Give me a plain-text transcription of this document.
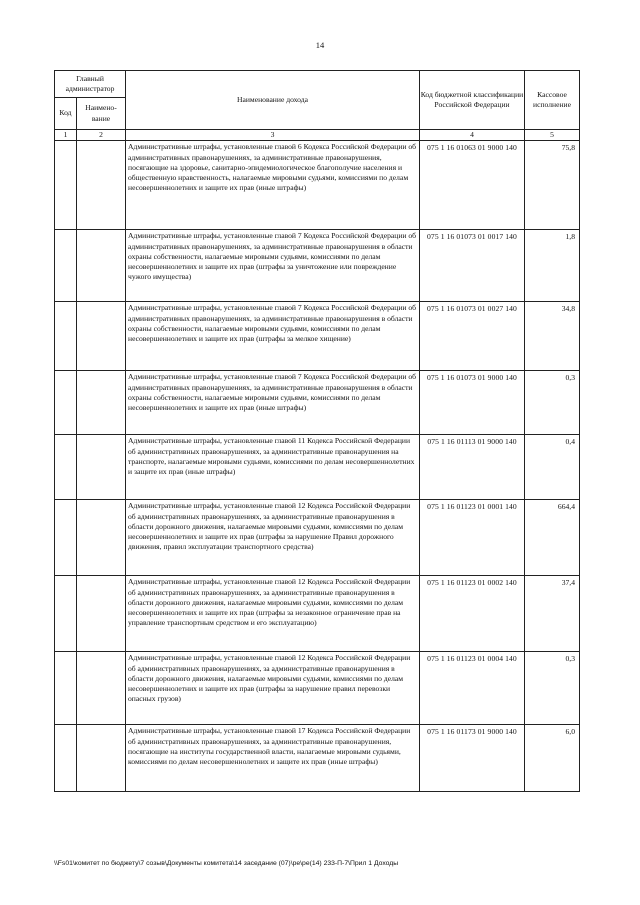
14
Главный администратор		Наименование дохода	Код бюджетной классификации Российской Федерации	Кассовое исполнение
Код	Наимено-вание			
1	2	3	4	5
		Административные штрафы, установленные главой 6 Кодекса Российской Федерации об административных правонарушениях, за административные правонарушения, посягающие на здоровье, санитарно-эпидемиологическое благополучие населения и общественную нравственность, налагаемые мировыми судьями, комиссиями по делам несовершеннолетних и защите их прав (иные штрафы)	075 1 16 01063 01 9000 140	75,8
		Административные штрафы, установленные главой 7 Кодекса Российской Федерации об административных правонарушениях, за административные правонарушения в области охраны собственности, налагаемые мировыми судьями, комиссиями по делам несовершеннолетних и защите их прав (штрафы за уничтожение или повреждение чужого имущества)	075 1 16 01073 01 0017 140	1,8
		Административные штрафы, установленные главой 7 Кодекса Российской Федерации об административных правонарушениях, за административные правонарушения в области охраны собственности, налагаемые мировыми судьями, комиссиями по делам несовершеннолетних и защите их прав (штрафы за мелкое хищение)	075 1 16 01073 01 0027 140	34,8
		Административные штрафы, установленные главой 7 Кодекса Российской Федерации об административных правонарушениях, за административные правонарушения в области охраны собственности, налагаемые мировыми судьями, комиссиями по делам несовершеннолетних и защите их прав (иные штрафы)	075 1 16 01073 01 9000 140	0,3
		Административные штрафы, установленные главой 11 Кодекса Российской Федерации об административных правонарушениях, за административные правонарушения на транспорте, налагаемые мировыми судьями, комиссиями по делам несовершеннолетних и защите их прав (иные штрафы)	075 1 16 01113 01 9000 140	0,4
		Административные штрафы, установленные главой 12 Кодекса Российской Федерации об административных правонарушениях, за административные правонарушения в области дорожного движения, налагаемые мировыми судьями, комиссиями по делам несовершеннолетних и защите их прав (штрафы за нарушение Правил дорожного движения, правил эксплуатации транспортного средства)	075 1 16 01123 01 0001 140	664,4
		Административные штрафы, установленные главой 12 Кодекса Российской Федерации об административных правонарушениях, за административные правонарушения в области дорожного движения, налагаемые мировыми судьями, комиссиями по делам несовершеннолетних и защите их прав (штрафы за незаконное ограничение прав на управление транспортным средством и его эксплуатацию)	075 1 16 01123 01 0002 140	37,4
		Административные штрафы, установленные главой 12 Кодекса Российской Федерации об административных правонарушениях, за административные правонарушения в области дорожного движения, налагаемые мировыми судьями, комиссиями по делам несовершеннолетних и защите их прав (штрафы за нарушение правил перевозки опасных грузов)	075 1 16 01123 01 0004 140	0,3
		Административные штрафы, установленные главой 17 Кодекса Российской Федерации об административных правонарушениях, за административные правонарушения, посягающие на институты государственной власти, налагаемые мировыми судьями, комиссиями по делам несовершеннолетних и защите их прав (иные штрафы)	075 1 16 01173 01 9000 140	6,0
\\Fs01\комитет по бюджету\7 созыв\Документы комитета\14 заседание (07)\ре\ре(14) 233-П-7\Прил 1 Доходы
